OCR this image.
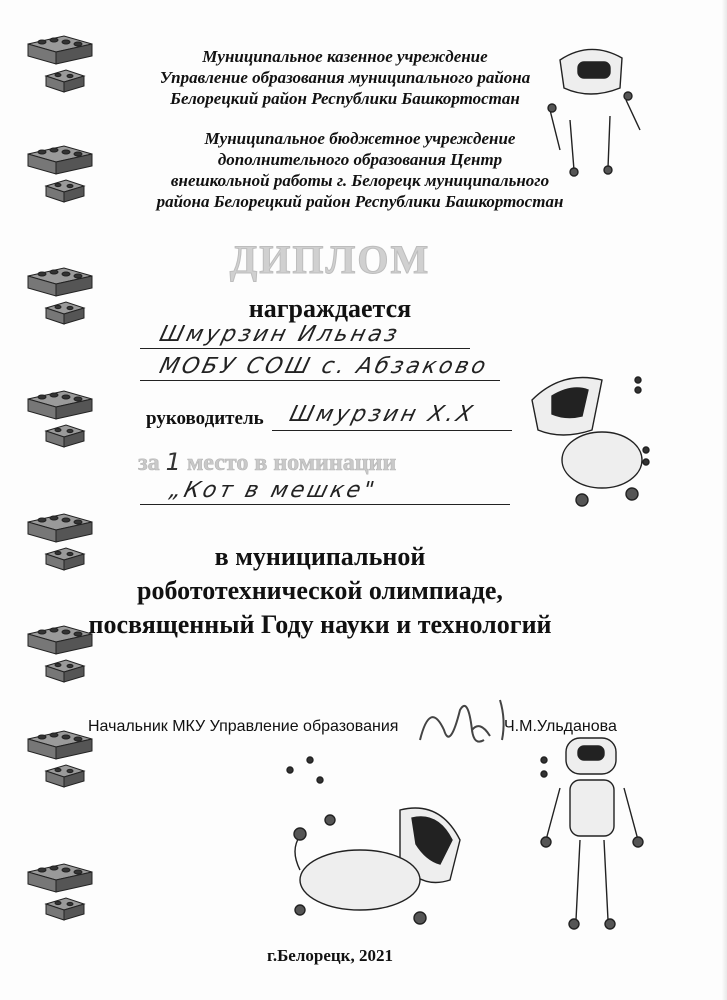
Муниципальное казенное учреждение
Управление образования муниципального района
Белорецкий район Республики Башкортостан
Муниципальное бюджетное учреждение
дополнительного образования Центр
внешкольной работы г. Белорецк муниципального
района Белорецкий район Республики Башкортостан
ДИПЛОМ
награждается
Шмурзин Ильназ
МОБУ СОШ с. Абзаково
руководитель Шмурзин Х.Х
за 1 место в номинации
„Кот в мешке"
в муниципальной
робототехнической олимпиаде,
посвященный Году науки и технологий
Начальник МКУ Управление образования	Ч.М.Ульданова
г.Белорецк, 2021
